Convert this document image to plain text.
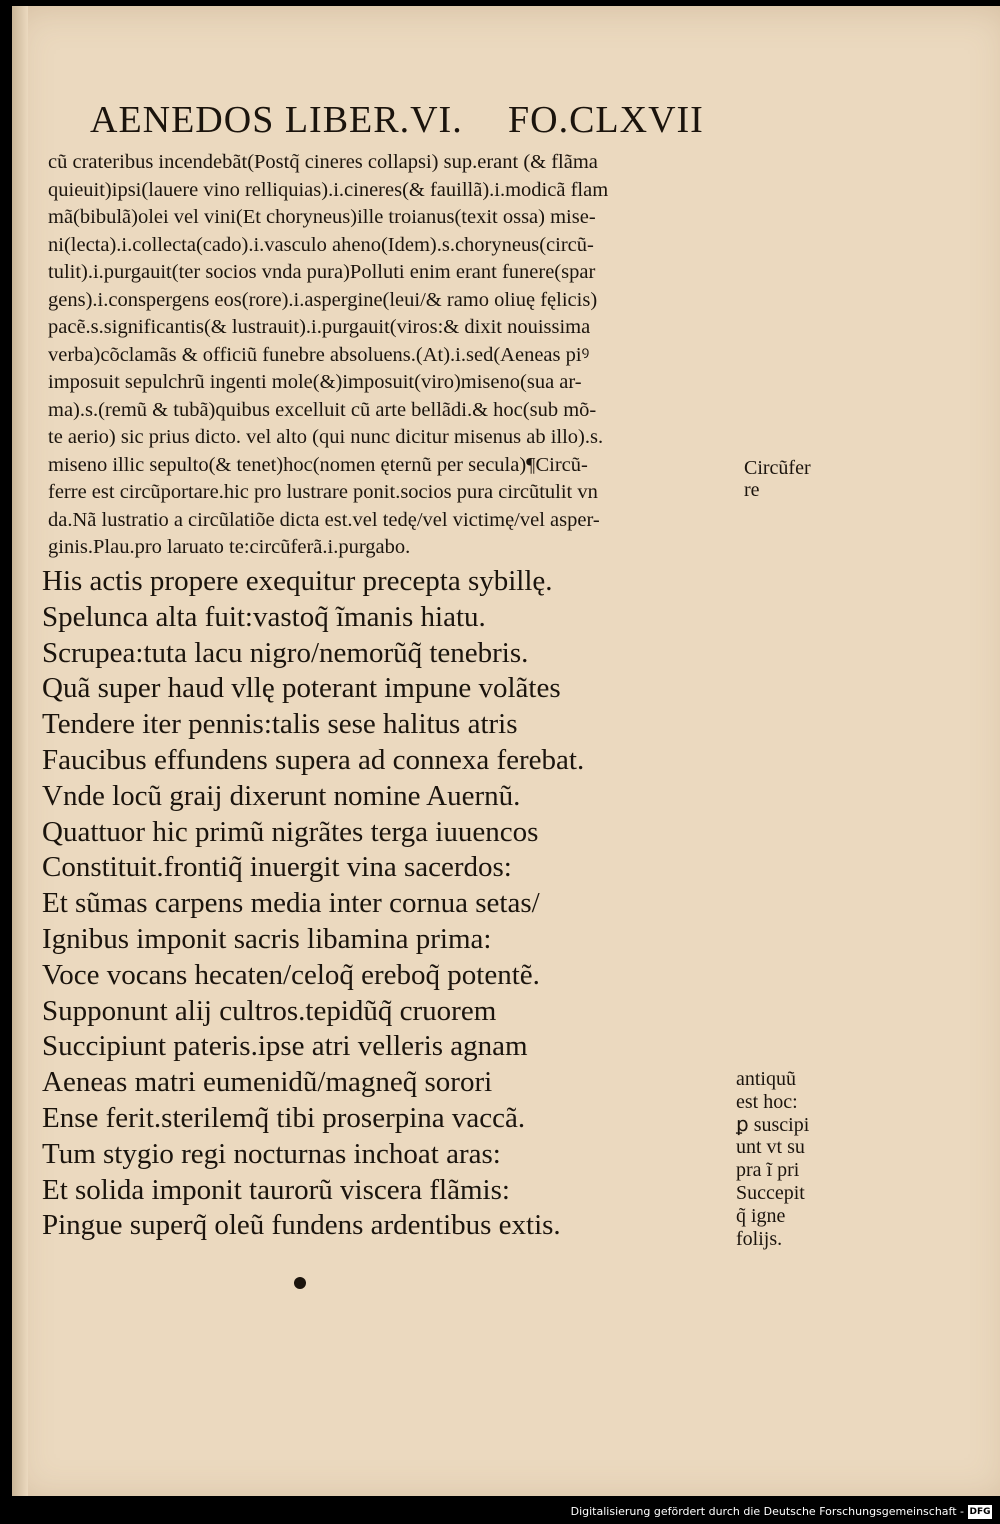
AENEDOS LIBER.VI. FO.CLXVII
cũ crateribus incendebãt(Postq̃ cineres collapsi) sup.erant (& flãma
quieuit)ipsi(lauere vino relliquias).i.cineres(& fauillã).i.modicã flam
mã(bibulã)olei vel vini(Et choryneus)ille troianus(texit ossa) mise-
ni(lecta).i.collecta(cado).i.vasculo aheno(Idem).s.choryneus(circũ-
tulit).i.purgauit(ter socios vnda pura)Polluti enim erant funere(spar
gens).i.conspergens eos(rore).i.aspergine(leui/& ramo oliuę fęlicis)
pacẽ.s.significantis(& lustrauit).i.purgauit(viros:& dixit nouissima
verba)cõclamãs & officiũ funebre absoluens.(At).i.sed(Aeneas piꝰ
imposuit sepulchrũ ingenti mole(&)imposuit(viro)miseno(sua ar-
ma).s.(remũ & tubã)quibus excelluit cũ arte bellãdi.& hoc(sub mõ-
te aerio) sic prius dicto. vel alto (qui nunc dicitur misenus ab illo).s.
miseno illic sepulto(& tenet)hoc(nomen ęternũ per secula)¶Circũ-
ferre est circũportare.hic pro lustrare ponit.socios pura circũtulit vn
da.Nã lustratio a circũlatiõe dicta est.vel tedę/vel victimę/vel asper-
ginis.Plau.pro laruato te:circũferã.i.purgabo.
His actis propere exequitur precepta sybillę.
Spelunca alta fuit:vastoq̃ ĩmanis hiatu.
Scrupea:tuta lacu nigro/nemorũq̃ tenebris.
Quã super haud vllę poterant impune volãtes
Tendere iter pennis:talis sese halitus atris
Faucibus effundens supera ad connexa ferebat.
Vnde locũ graij dixerunt nomine Auernũ.
Quattuor hic primũ nigrãtes terga iuuencos
Constituit.frontiq̃ inuergit vina sacerdos:
Et sũmas carpens media inter cornua setas/
Ignibus imponit sacris libamina prima:
Voce vocans hecaten/celoq̃ ereboq̃ potentẽ.
Supponunt alij cultros.tepidũq̃ cruorem
Succipiunt pateris.ipse atri velleris agnam
Aeneas matri eumenidũ/magneq̃ sorori
Ense ferit.sterilemq̃ tibi proserpina vaccã.
Tum stygio regi nocturnas inchoat aras:
Et solida imponit taurorũ viscera flãmis:
Pingue superq̃ oleũ fundens ardentibus extis.
Circũfer
re
antiquũ
est hoc:
ꝑ suscipi
unt vt su
pra ĩ pri
Succepit
q̃ igne
folijs.
Digitalisierung gefördert durch die Deutsche Forschungsgemeinschaft - DFG
